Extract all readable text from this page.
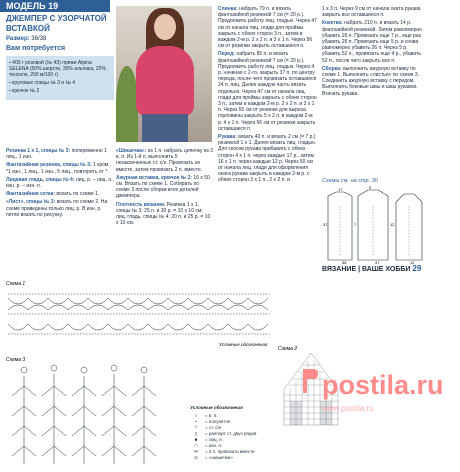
МОДЕЛЬ 19
ДЖЕМПЕР С УЗОРЧАТОЙ ВСТАВКОЙ
Размер: 36/38
Вам потребуется
▪ 400 г розовой (№ 43) пряжи Alpina SELENA (50% шерсти, 30% альпака, 20% тенселя, 250 м/100 г)
▪ круговые спицы № 3 и № 4
▪ крючок № 2

Резинка 1 х 1, спицы № 3: попеременно 1 лиц., 1 изн.

Фантазийная резинка, спицы № 3: 1 кром., *1 изн., 1 лиц., 1 изн., 5 лиц., повторять от *.

Лицевая гладь, спицы № 4: лиц. р. – лиц. п., изн. р. – изн. п.

Фантазийная сетка: вязать по схеме 1.

«Лист», спицы № 3: вязать по схеме 2. На схеме приведены только лиц. р. В изн. р. петли вязать по рисунку.

«Шишечка»: из 1 п. набрать цепочку из 3 в. п. Из 1-й п. выполнить 5 незаконченных ст. с/н. Провязать их вместе, затем провязать 2 п. вместе.

Ажурная вставка, крючок № 2: 16 х 50 см. Вязать по схеме 1. Собирать по схеме 3 после сборки всех деталей джемпера.

Плотность вязания. Резинка 1 х 1, спицы № 3: 25 п. и 30 р. = 10 х 10 см; лиц. гладь, спицы № 4: 20 п. и 25 р. = 10 х 10 см.

Спинка: набрать 79 п. и вязать фантазийной резинкой 7 см (= 20 р.). Продолжить работу лиц. гладью. Через 47 см от начала лиц. глади для проймы закрыть с обеих сторон 3 п., затем в каждом 2-м р. 2 х 2 п. и 3 х 1 п. Через 56 см от резинки закрыть оставшиеся п.

Перед: набрать 85 п. и вязать фантазийной резинкой 7 см (= 20 р.). Продолжить работу лиц. гладью. Через 4 р. начиная с 2-го, закрыть 37 п. по центру переда, после чего провязать оставшиеся 24 п. лиц. Далее каждую часть вязать отдельно. Через 47 см от начала лиц. глади для проймы закрыть с обеих сторон 3 п., затем в каждом 2-м р. 2 х 2 п. и 3 х 1 п. Через 50 см от резинки для выреза горловины закрыть 5 х 2 п. в каждом 2-м р. 4 х 1 п. Через 56 см от резинки закрыть оставшиеся п.

Рукава: вязать 40 п. и вязать 2 см (= 7 р.) резинкой 1 х 1. Далее вязать лиц. гладью. Для скосов рукава прибавить с обеих сторон 4 х 1 п. через каждые 17 р., затем 16 х 1 п. через каждые 12 р. Через 50 см от начала лиц. глади для оформления оката рукава закрыть в каждом 2-м р. с обеих сторон 3 х 1 п., 2 х 2 п. и

1 х 3 п. Через 9 см от начала оката рукава закрыть все оставшиеся п.

Кокетка: набрать 210 п. и вязать 14 р. фантазийной резинкой. Затем равномерно убавить 26 п. Провязать еще 7 р., еще раз убавить 26 п. Провязать еще 5 р. и снова равномерно убавить 26 п. Через 5 р. убавить 52 п., провязать еще 4 р., убавить 52 п., после чего закрыть все п.

Сборка: выполнить ажурную вставку по схеме 1. Выполнить «листья» по схеме 3. Соединить ажурную вставку с передом. Выполнить боковые швы и швы рукавов. Втачать рукава.

Схемы см. на стр. 30
17	5
37	7	12
56	47	12
ВЯЗАНИЕ | ВАШЕ ХОББИ 29
Схема 1
Условные обозначения
Схема 2
Схема 3
Условные обозначения
○	= в. п.
•	= полупетля
⊤	= ст. с/н
▯	= раппорт ст. двух рядов
■	= лиц. п.
□	= изн. п.
Ψ	= 3 п. провязать вместе
⊙	= «шишечка»
postila.ru
www.postila.ru
